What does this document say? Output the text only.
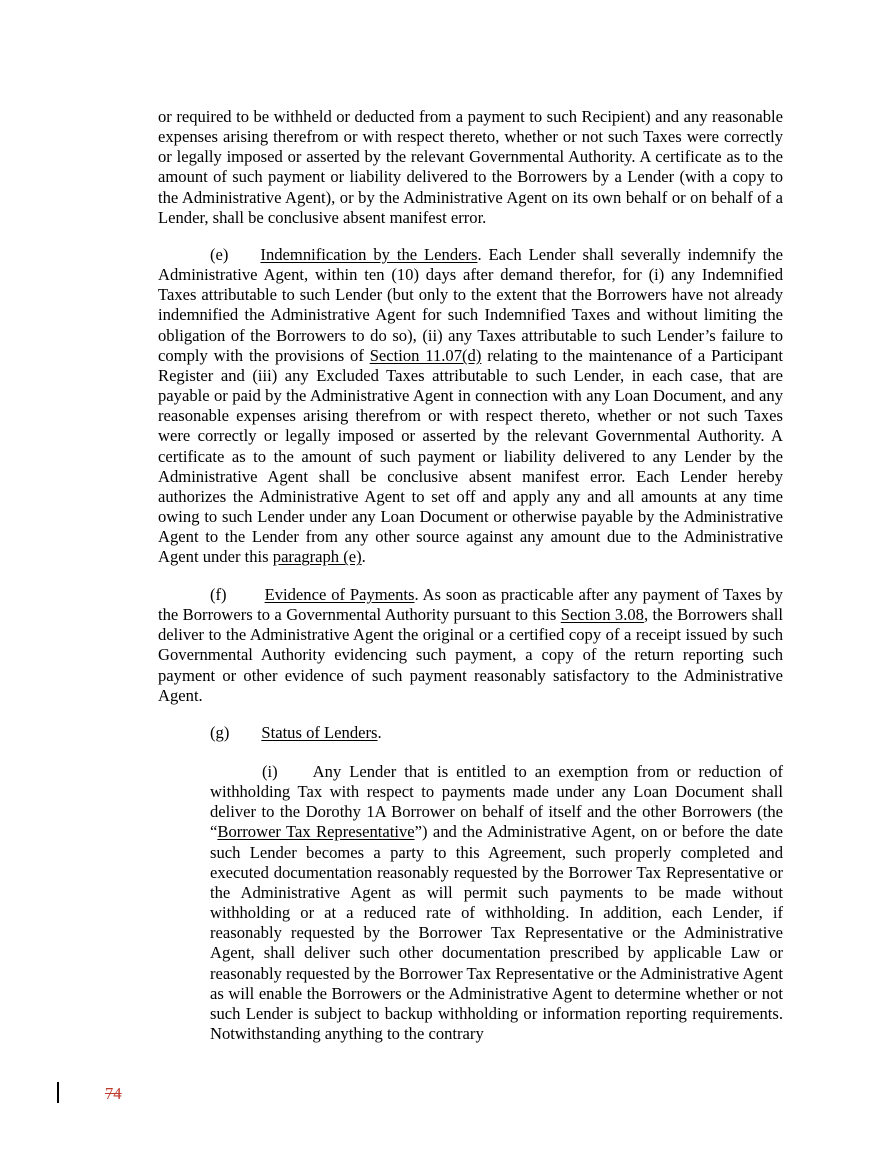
or required to be withheld or deducted from a payment to such Recipient) and any reasonable expenses arising therefrom or with respect thereto, whether or not such Taxes were correctly or legally imposed or asserted by the relevant Governmental Authority. A certificate as to the amount of such payment or liability delivered to the Borrowers by a Lender (with a copy to the Administrative Agent), or by the Administrative Agent on its own behalf or on behalf of a Lender, shall be conclusive absent manifest error.

(e) Indemnification by the Lenders. Each Lender shall severally indemnify the Administrative Agent, within ten (10) days after demand therefor, for (i) any Indemnified Taxes attributable to such Lender (but only to the extent that the Borrowers have not already indemnified the Administrative Agent for such Indemnified Taxes and without limiting the obligation of the Borrowers to do so), (ii) any Taxes attributable to such Lender’s failure to comply with the provisions of Section 11.07(d) relating to the maintenance of a Participant Register and (iii) any Excluded Taxes attributable to such Lender, in each case, that are payable or paid by the Administrative Agent in connection with any Loan Document, and any reasonable expenses arising therefrom or with respect thereto, whether or not such Taxes were correctly or legally imposed or asserted by the relevant Governmental Authority. A certificate as to the amount of such payment or liability delivered to any Lender by the Administrative Agent shall be conclusive absent manifest error. Each Lender hereby authorizes the Administrative Agent to set off and apply any and all amounts at any time owing to such Lender under any Loan Document or otherwise payable by the Administrative Agent to the Lender from any other source against any amount due to the Administrative Agent under this paragraph (e).

(f) Evidence of Payments. As soon as practicable after any payment of Taxes by the Borrowers to a Governmental Authority pursuant to this Section 3.08, the Borrowers shall deliver to the Administrative Agent the original or a certified copy of a receipt issued by such Governmental Authority evidencing such payment, a copy of the return reporting such payment or other evidence of such payment reasonably satisfactory to the Administrative Agent.

(g) Status of Lenders.

(i) Any Lender that is entitled to an exemption from or reduction of withholding Tax with respect to payments made under any Loan Document shall deliver to the Dorothy 1A Borrower on behalf of itself and the other Borrowers (the “Borrower Tax Representative”) and the Administrative Agent, on or before the date such Lender becomes a party to this Agreement, such properly completed and executed documentation reasonably requested by the Borrower Tax Representative or the Administrative Agent as will permit such payments to be made without withholding or at a reduced rate of withholding. In addition, each Lender, if reasonably requested by the Borrower Tax Representative or the Administrative Agent, shall deliver such other documentation prescribed by applicable Law or reasonably requested by the Borrower Tax Representative or the Administrative Agent as will enable the Borrowers or the Administrative Agent to determine whether or not such Lender is subject to backup withholding or information reporting requirements. Notwithstanding anything to the contrary

74
